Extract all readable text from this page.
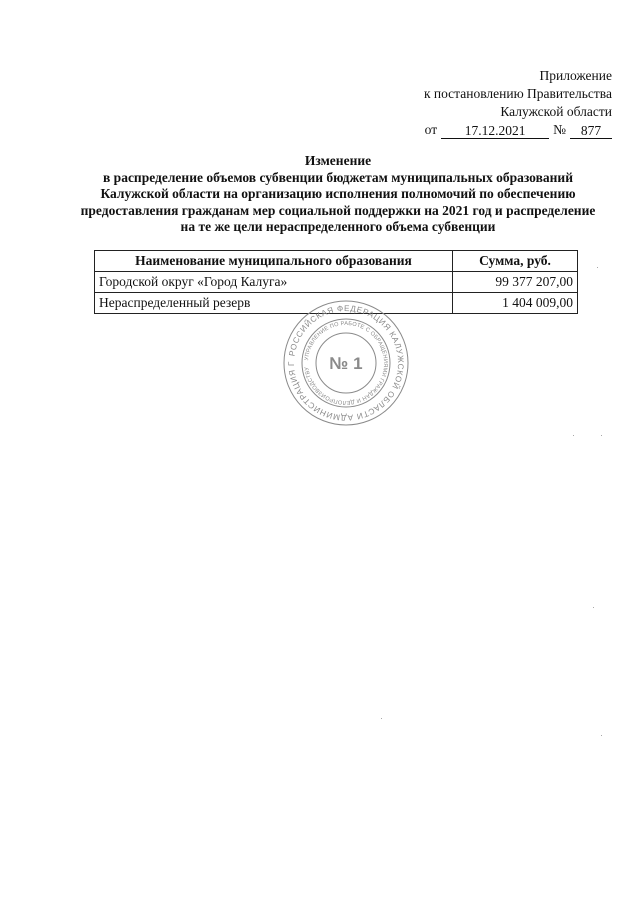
Приложение
к постановлению Правительства
Калужской области
от	17.12.2021	№	877
Изменение
в распределение объемов субвенции бюджетам муниципальных образований
Калужской области на организацию исполнения полномочий по обеспечению
предоставления гражданам мер социальной поддержки на 2021 год и распределение
на те же цели нераспределенного объема субвенции
Наименование муниципального образования	Сумма, руб.
Городской округ «Город Калуга»	99 377 207,00
Нераспределенный резерв	1 404 009,00
РОССИЙСКАЯ ФЕДЕРАЦИЯ КАЛУЖСКОЙ ОБЛАСТИ АДМИНИСТРАЦИЯ Г
УПРАВЛЕНИЕ ПО РАБОТЕ С ОБРАЩЕНИЯМИ ГРАЖДАН И ДЕЛОПРОИЗВОДСТВУ	№ 1
·
·	·
·
·
·
